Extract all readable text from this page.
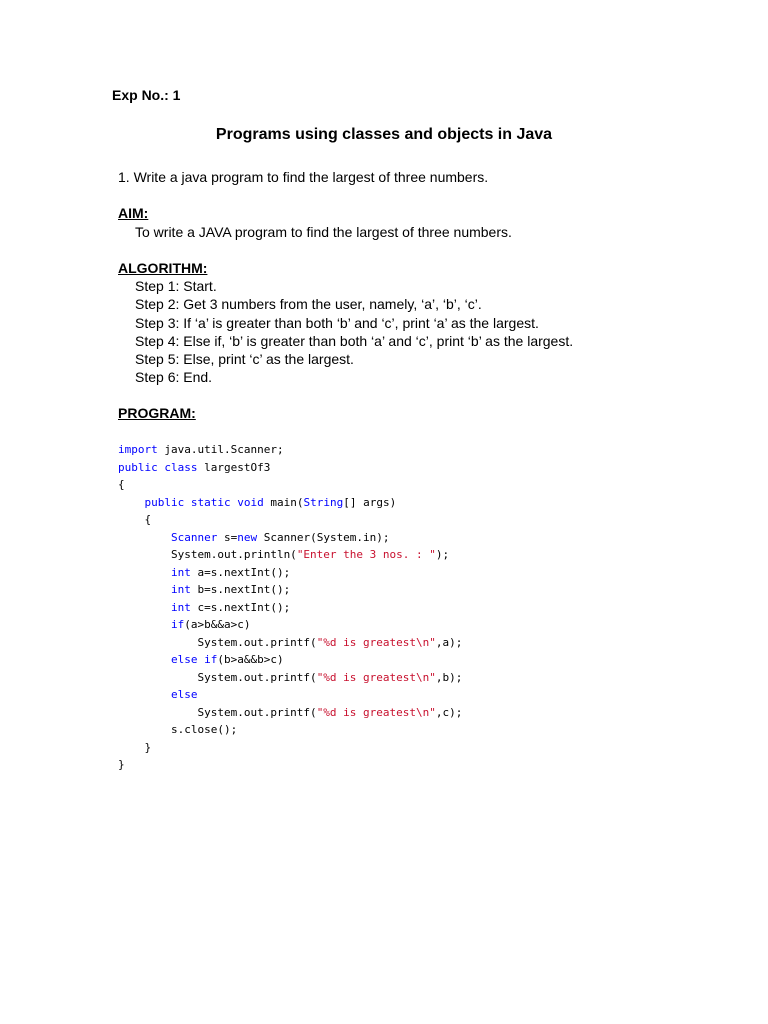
Exp No.: 1

Programs using classes and objects in Java

1. Write a java program to find the largest of three numbers.

AIM:

To write a JAVA program to find the largest of three numbers.

ALGORITHM:
Step 1: Start.
Step 2: Get 3 numbers from the user, namely, ‘a’, ‘b’, ‘c’.
Step 3: If ‘a’ is greater than both ‘b’ and ‘c’, print ‘a’ as the largest.
Step 4: Else if, ‘b’ is greater than both ‘a’ and ‘c’, print ‘b’ as the largest.
Step 5: Else, print ‘c’ as the largest.
Step 6: End.
PROGRAM:
import java.util.Scanner;
public class largestOf3
{
public static void main(String[] args)
{
Scanner s=new Scanner(System.in);
System.out.println("Enter the 3 nos. : ");
int a=s.nextInt();
int b=s.nextInt();
int c=s.nextInt();
if(a>b&&a>c)
System.out.printf("%d is greatest\n",a);
else if(b>a&&b>c)
System.out.printf("%d is greatest\n",b);
else
System.out.printf("%d is greatest\n",c);
s.close();
}
}
